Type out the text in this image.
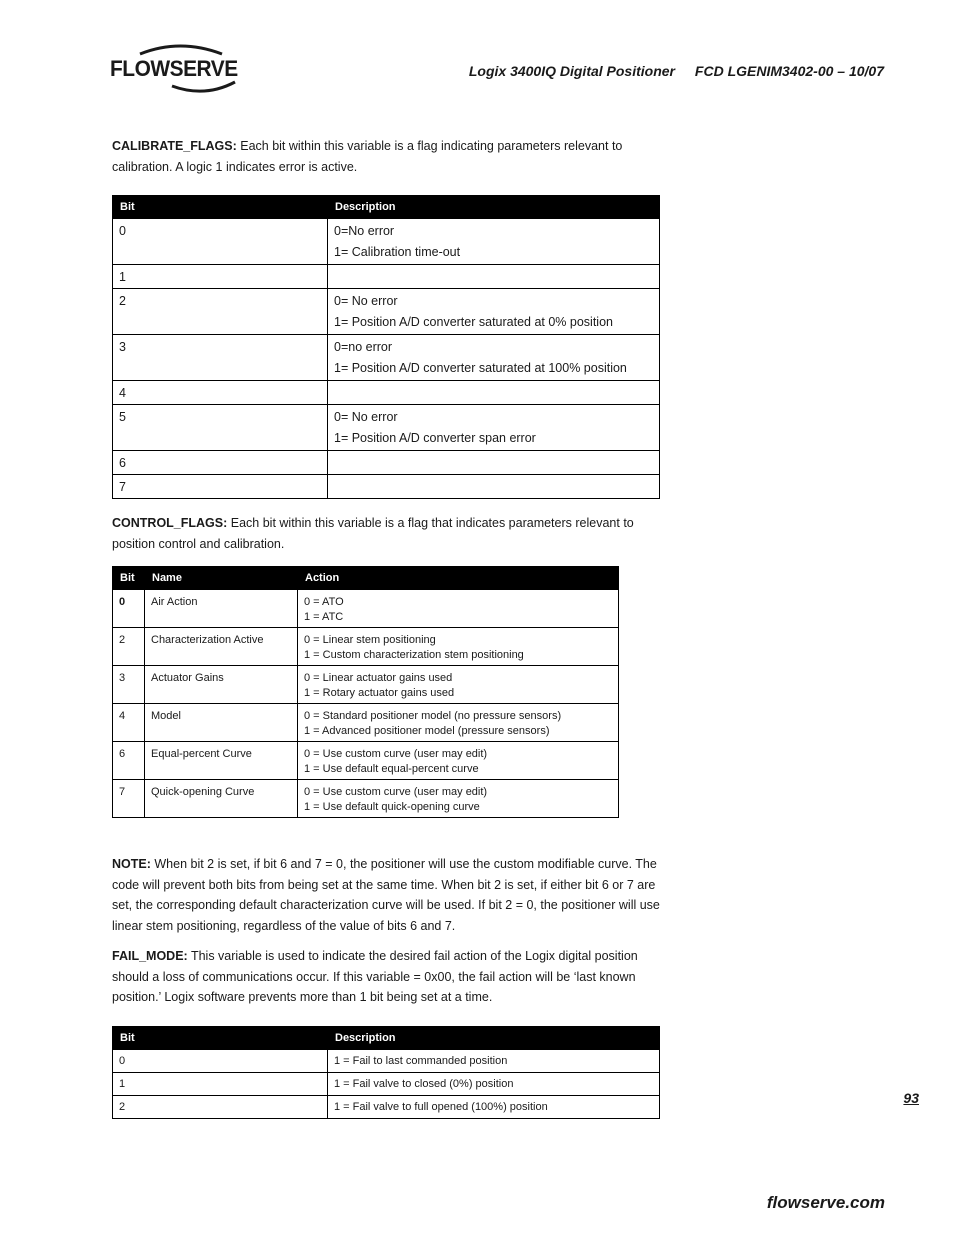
FLOWSERVE	Logix 3400IQ Digital Positioner FCD LGENIM3402-00 – 10/07

CALIBRATE_FLAGS: Each bit within this variable is a flag indicating parameters relevant to calibration. A logic 1 indicates error is active.

Bit	Description
0	0=No error
1= Calibration time-out

1	
2	0= No error
1= Position A/D converter saturated at 0% position

3	0=no error
1= Position A/D converter saturated at 100% position

4	
5	0= No error
1= Position A/D converter span error

6	
7	

CONTROL_FLAGS: Each bit within this variable is a flag that indicates parameters relevant to position control and calibration.

Bit	Name	Action
0	Air Action	0 = ATO
1 = ATC

2	Characterization Active	0 = Linear stem positioning
1 = Custom characterization stem positioning

3	Actuator Gains	0 = Linear actuator gains used
1 = Rotary actuator gains used

4	Model	0 = Standard positioner model (no pressure sensors)
1 = Advanced positioner model (pressure sensors)

6	Equal-percent Curve	0 = Use custom curve (user may edit)
1 = Use default equal-percent curve

7	Quick-opening Curve	0 = Use custom curve (user may edit)
1 = Use default quick-opening curve

NOTE: When bit 2 is set, if bit 6 and 7 = 0, the positioner will use the custom modifiable curve. The code will prevent both bits from being set at the same time. When bit 2 is set, if either bit 6 or 7 are set, the corresponding default characterization curve will be used. If bit 2 = 0, the positioner will use linear stem positioning, regardless of the value of bits 6 and 7.

FAIL_MODE: This variable is used to indicate the desired fail action of the Logix digital position should a loss of communications occur. If this variable = 0x00, the fail action will be ‘last known position.’ Logix software prevents more than 1 bit being set at a time.

Bit	Description
0	1 = Fail to last commanded position
1	1 = Fail valve to closed (0%) position
2	1 = Fail valve to full opened (100%) position
93
flowserve.com
